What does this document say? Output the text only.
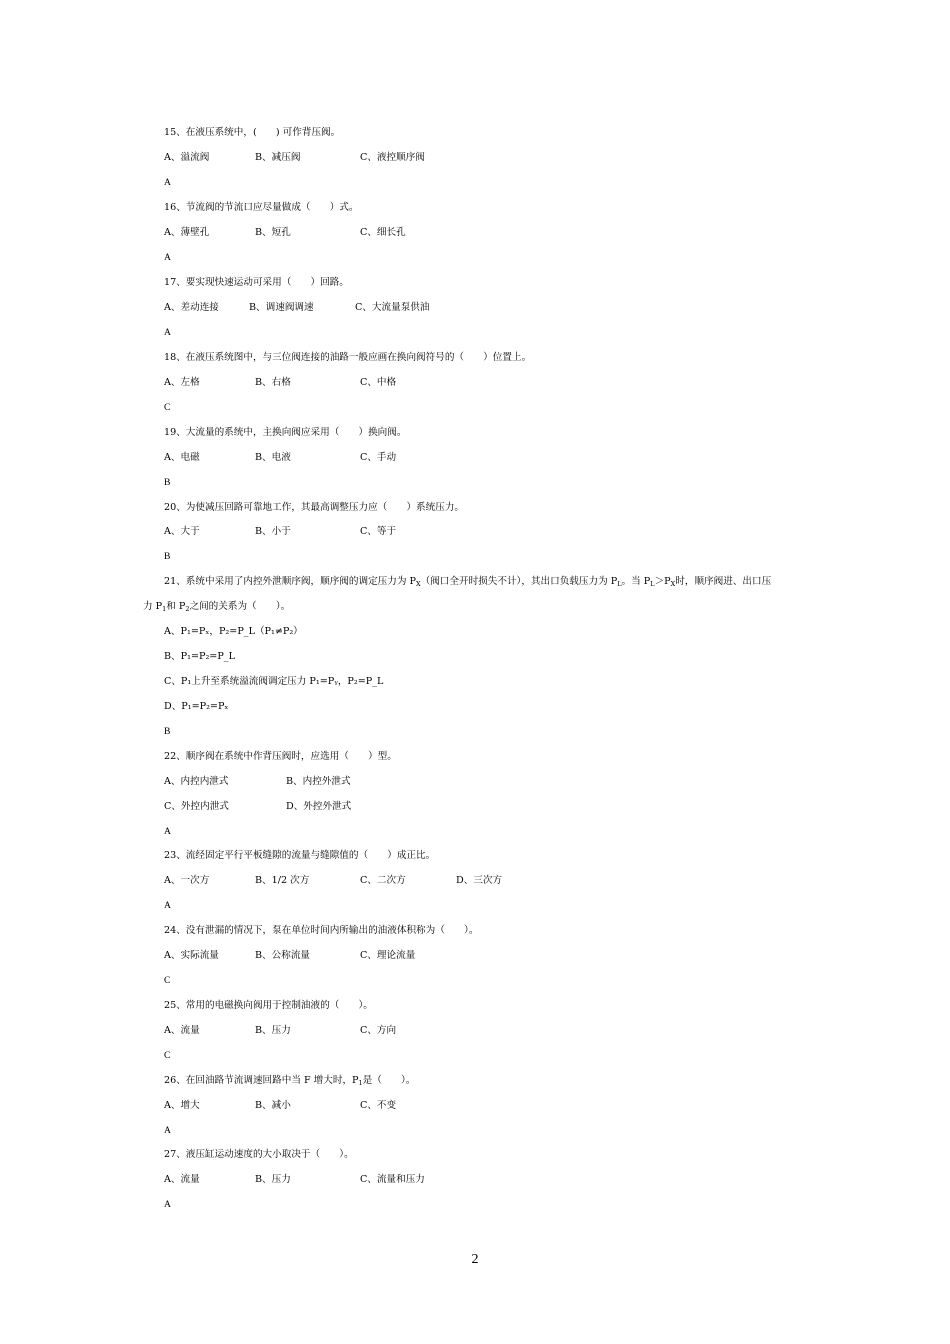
15、在液压系统中，(　　) 可作背压阀。
A、溢流阀	B、减压阀	C、液控顺序阀
A
16、节流阀的节流口应尽量做成（　　）式。
A、薄壁孔	B、短孔	C、细长孔
A
17、要实现快速运动可采用（　　）回路。
A、差动连接	B、调速阀调速	C、大流量泵供油
A
18、在液压系统图中，与三位阀连接的油路一般应画在换向阀符号的（　　）位置上。
A、左格	B、右格	C、中格
C
19、大流量的系统中，主换向阀应采用（　　）换向阀。
A、电磁	B、电液	C、手动
B
20、为使减压回路可靠地工作，其最高调整压力应（　　）系统压力。
A、大于	B、小于	C、等于
B
21、系统中采用了内控外泄顺序阀，顺序阀的调定压力为 $P_X$（阀口全开时损失不计），其出口负载压力为 $P_L$。当 $P_L>P_X$时，顺序阀进、出口压
力 $P_1$和 $P_2$之间的关系为（　　）。
A、P₁=Pₓ，P₂=P_L（P₁≠P₂）
B、P₁=P₂=P_L
C、P₁上升至系统溢流阀调定压力 P₁=Pᵧ，P₂=P_L
D、P₁=P₂=Pₓ
B
22、顺序阀在系统中作背压阀时，应选用（　　）型。
A、内控内泄式	B、内控外泄式
C、外控内泄式	D、外控外泄式
A
23、流经固定平行平板缝隙的流量与缝隙值的（　　）成正比。
A、一次方	B、1/2 次方	C、二次方	D、三次方
A
24、没有泄漏的情况下，泵在单位时间内所输出的油液体积称为（　　）。
A、实际流量	B、公称流量	C、理论流量
C
25、常用的电磁换向阀用于控制油液的（　　）。
A、流量	B、压力	C、方向
C
26、在回油路节流调速回路中当 F 增大时，$P_1$是（　　）。
A、增大	B、减小	C、不变
A
27、液压缸运动速度的大小取决于（　　）。
A、流量	B、压力	C、流量和压力
A
2
